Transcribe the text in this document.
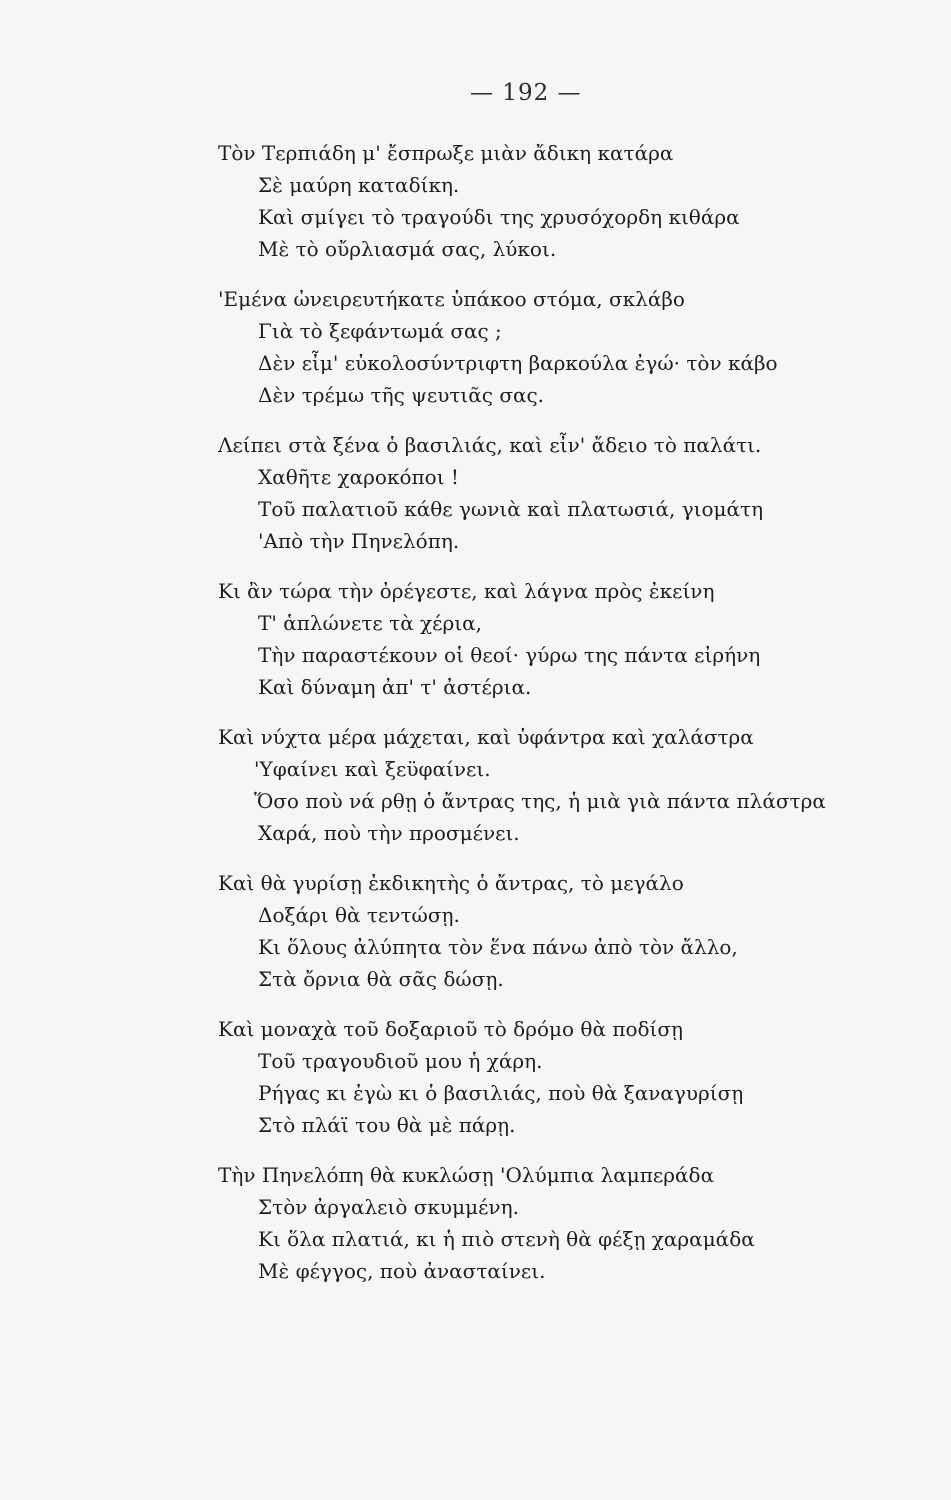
— 192 —
Τὸν Τερπιάδη μ' ἔσπρωξε μιὰν ἄδικη κατάρα
Σὲ μαύρη καταδίκη.
Καὶ σμίγει τὸ τραγούδι της χρυσόχορδη κιθάρα
Μὲ τὸ οὔρλιασμά σας, λύκοι.
'Εμένα ὠνειρευτήκατε ὑπάκοο στόμα, σκλάβο
Γιὰ τὸ ξεφάντωμά σας ;
Δὲν εἶμ' εὐκολοσύντριφτη βαρκούλα ἐγώ· τὸν κάβο
Δὲν τρέμω τῆς ψευτιᾶς σας.
Λείπει στὰ ξένα ὁ βασιλιάς, καὶ εἶν' ἄδειο τὸ παλάτι.
Χαθῆτε χαροκόποι !
Τοῦ παλατιοῦ κάθε γωνιὰ καὶ πλατωσιά, γιομάτη
'Απὸ τὴν Πηνελόπη.
Κι ἂν τώρα τὴν ὀρέγεστε, καὶ λάγνα πρὸς ἐκείνη
Τ' ἁπλώνετε τὰ χέρια,
Τὴν παραστέκουν οἱ θεοί· γύρω της πάντα εἰρήνη
Καὶ δύναμη ἀπ' τ' ἀστέρια.
Καὶ νύχτα μέρα μάχεται, καὶ ὑφάντρα καὶ χαλάστρα
'Υφαίνει καὶ ξεϋφαίνει.
Ὅσο ποὺ νά ρθῃ ὁ ἄντρας της, ἡ μιὰ γιὰ πάντα πλάστρα
Χαρά, ποὺ τὴν προσμένει.
Καὶ θὰ γυρίσῃ ἐκδικητὴς ὁ ἄντρας, τὸ μεγάλο
Δοξάρι θὰ τεντώσῃ.
Κι ὅλους ἀλύπητα τὸν ἕνα πάνω ἀπὸ τὸν ἄλλο,
Στὰ ὄρνια θὰ σᾶς δώσῃ.
Καὶ μοναχὰ τοῦ δοξαριοῦ τὸ δρόμο θὰ ποδίσῃ
Τοῦ τραγουδιοῦ μου ἡ χάρη.
Ρήγας κι ἐγὼ κι ὁ βασιλιάς, ποὺ θὰ ξαναγυρίσῃ
Στὸ πλάϊ του θὰ μὲ πάρῃ.
Τὴν Πηνελόπη θὰ κυκλώσῃ 'Ολύμπια λαμπεράδα
Στὸν ἀργαλειὸ σκυμμένη.
Κι ὅλα πλατιά, κι ἡ πιὸ στενὴ θὰ φέξῃ χαραμάδα
Μὲ φέγγος, ποὺ ἀνασταίνει.
